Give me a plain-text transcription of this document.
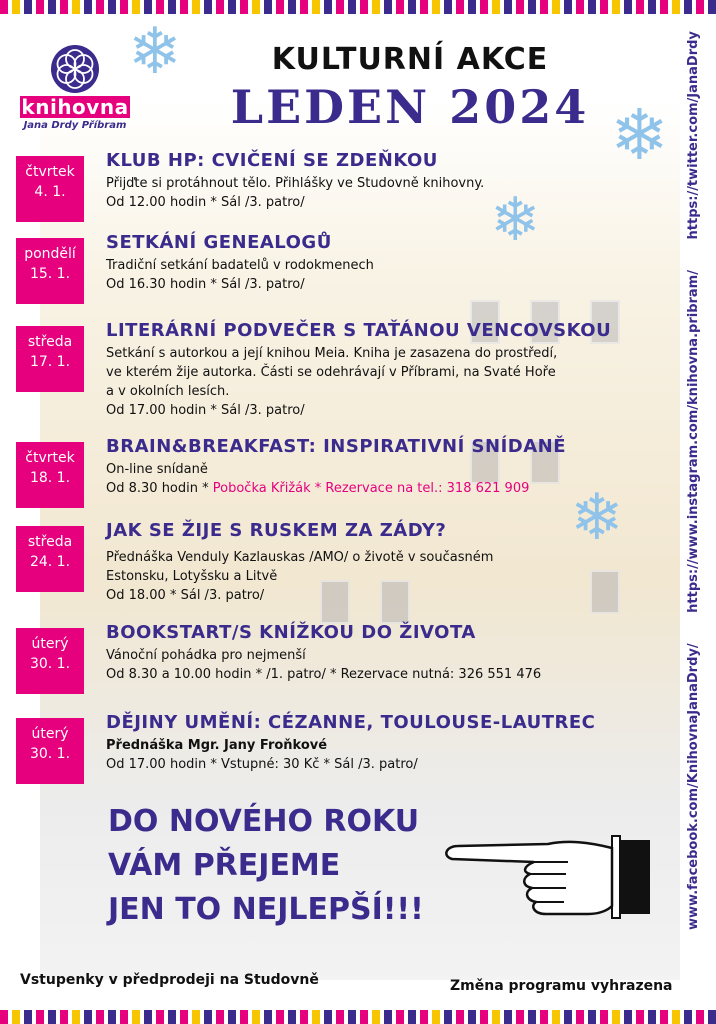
❄
❄
❄
❄
knihovna
Jana Drdy Příbram
KULTURNÍ AKCE
LEDEN 2024
čtvrtek
4. 1.
KLUB HP: CVIČENÍ SE ZDEŇKOU
Přijďte si protáhnout tělo. Přihlášky ve Studovně knihovny.
Od 12.00 hodin * Sál /3. patro/
pondělí
15. 1.
SETKÁNÍ GENEALOGŮ
Tradiční setkání badatelů v rodokmenech
Od 16.30 hodin * Sál /3. patro/
středa
17. 1.
LITERÁRNÍ PODVEČER S TAŤÁNOU VENCOVSKOU
Setkání s autorkou a její knihou Meia. Kniha je zasazena do prostředí,
ve kterém žije autorka. Části se odehrávají v Příbrami, na Svaté Hoře
a v okolních lesích.
Od 17.00 hodin * Sál /3. patro/
čtvrtek
18. 1.
BRAIN&BREAKFAST: INSPIRATIVNÍ SNÍDANĚ
On-line snídaně
Od 8.30 hodin * Pobočka Křižák * Rezervace na tel.: 318 621 909
středa
24. 1.
JAK SE ŽIJE S RUSKEM ZA ZÁDY?
Přednáška Venduly Kazlauskas /AMO/ o životě v současném
Estonsku, Lotyšsku a Litvě
Od 18.00 * Sál /3. patro/
úterý
30. 1.
BOOKSTART/S KNÍŽKOU DO ŽIVOTA
Vánoční pohádka pro nejmenší
Od 8.30 a 10.00 hodin * /1. patro/ * Rezervace nutná: 326 551 476
úterý
30. 1.
DĚJINY UMĚNÍ: CÉZANNE, TOULOUSE-LAUTREC
Přednáška Mgr. Jany Froňkové
Od 17.00 hodin * Vstupné: 30 Kč * Sál /3. patro/
DO NOVÉHO ROKU
VÁM PŘEJEME
JEN TO NEJLEPŠÍ!!!	www.facebook.com/KnihovnaJanaDrdy/ https://www.instagram.com/knihovna.pribram/ https://twitter.com/JanaDrdy
Vstupenky v předprodeji na Studovně	Změna programu vyhrazena
